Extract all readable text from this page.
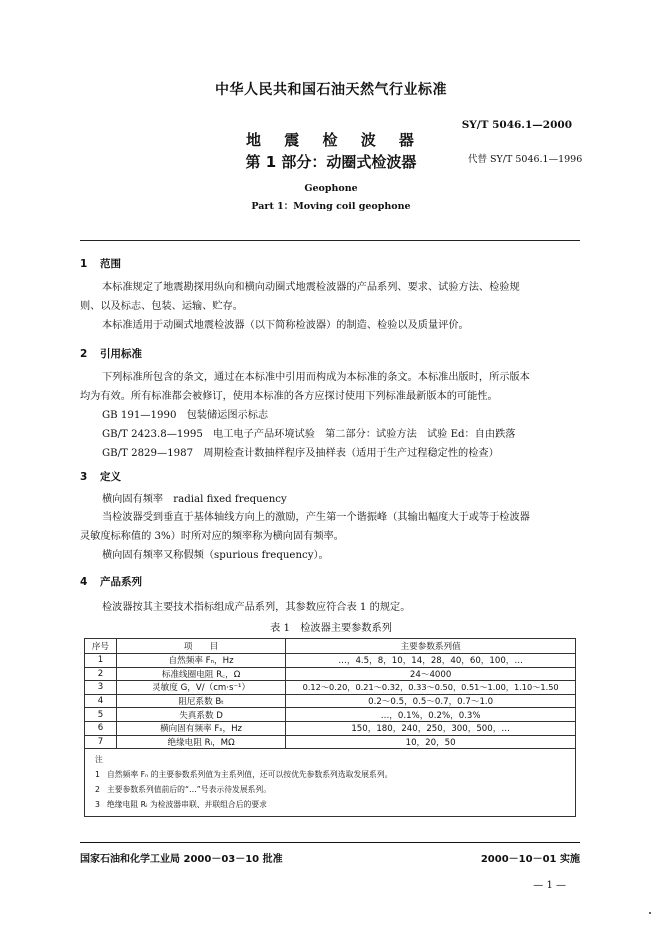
中华人民共和国石油天然气行业标准
SY/T 5046.1—2000
地 震 检 波 器
第 1 部分：动圈式检波器	代替 SY/T 5046.1—1996
Geophone
Part 1：Moving coil geophone
1 范围
本标准规定了地震勘探用纵向和横向动圈式地震检波器的产品系列、要求、试验方法、检验规
则、以及标志、包装、运输、贮存。
本标准适用于动圈式地震检波器（以下简称检波器）的制造、检验以及质量评价。
2 引用标准
下列标准所包含的条文，通过在本标准中引用而构成为本标准的条文。本标准出版时，所示版本
均为有效。所有标准都会被修订，使用本标准的各方应探讨使用下列标准最新版本的可能性。
GB 191—1990　包装储运图示标志
GB/T 2423.8—1995　电工电子产品环境试验　第二部分：试验方法　试验 Ed：自由跌落
GB/T 2829—1987　周期检查计数抽样程序及抽样表（适用于生产过程稳定性的检查）
3 定义
横向固有频率　radial fixed frequency
当检波器受到垂直于基体轴线方向上的激励，产生第一个谐振峰（其输出幅度大于或等于检波器
灵敏度标称值的 3%）时所对应的频率称为横向固有频率。
横向固有频率又称假频（spurious frequency）。
4 产品系列
检波器按其主要技术指标组成产品系列，其参数应符合表 1 的规定。
表 1　检波器主要参数系列
序号	项　　目	主要参数系列值
1	自然频率 Fₙ，Hz	…，4.5，8，10，14，28，40，60，100，…
2	标准线圈电阻 R꜀，Ω	24～4000
3	灵敏度 G，V/（cm·s⁻¹）	0.12～0.20，0.21～0.32，0.33～0.50，0.51～1.00，1.10～1.50
4	阻尼系数 Bₜ	0.2～0.5，0.5～0.7，0.7～1.0
5	失真系数 D	…，0.1%，0.2%，0.3%
6	横向固有频率 Fₛ，Hz	150，180，240，250，300，500，…
7	绝缘电阻 Rᵢ，MΩ	10，20，50

注
1 自然频率 Fₙ 的主要参数系列值为主系列值，还可以按优先参数系列选取发展系列。
2 主要参数系列值前后的“…”号表示待发展系列。
3 绝缘电阻 Rᵢ 为检波器串联、并联组合后的要求		
国家石油和化学工业局 2000－03－10 批准	2000－10－01 实施
— 1 —
